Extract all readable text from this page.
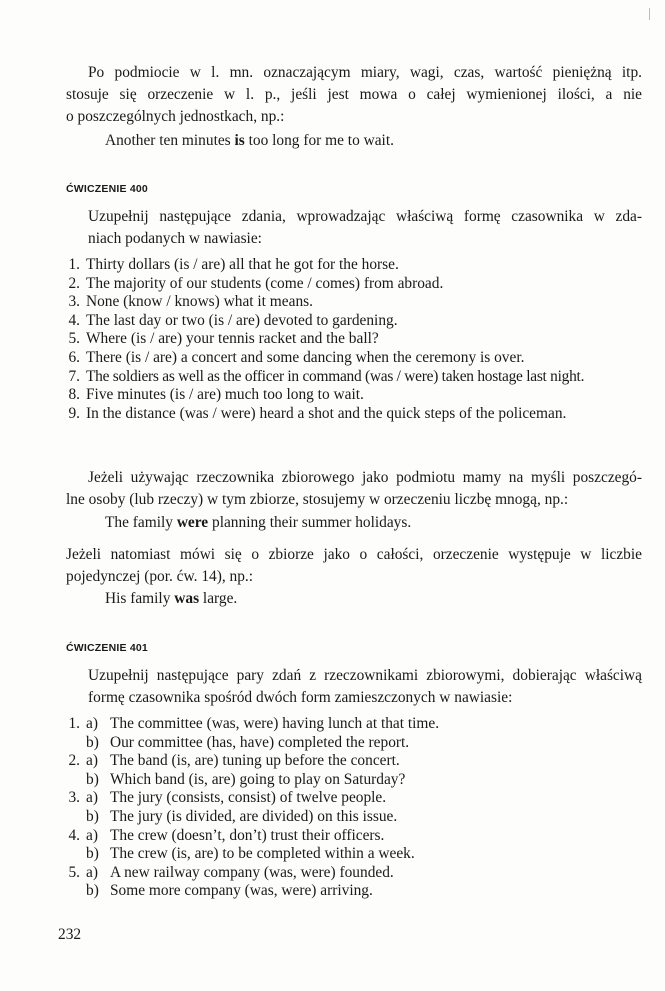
Po podmiocie w l. mn. oznaczającym miary, wagi, czas, wartość pieniężną itp.
stosuje się orzeczenie w l. p., jeśli jest mowa o całej wymienionej ilości, a nie
o poszczególnych jednostkach, np.:
Another ten minutes is too long for me to wait.
ĆWICZENIE 400
Uzupełnij następujące zdania, wprowadzając właściwą formę czasownika w zda-
niach podanych w nawiasie:
1. Thirty dollars (is / are) all that he got for the horse.
2. The majority of our students (come / comes) from abroad.
3. None (know / knows) what it means.
4. The last day or two (is / are) devoted to gardening.
5. Where (is / are) your tennis racket and the ball?
6. There (is / are) a concert and some dancing when the ceremony is over.
7. The soldiers as well as the officer in command (was / were) taken hostage last night.
8. Five minutes (is / are) much too long to wait.
9. In the distance (was / were) heard a shot and the quick steps of the policeman.
Jeżeli używając rzeczownika zbiorowego jako podmiotu mamy na myśli poszczegó-
lne osoby (lub rzeczy) w tym zbiorze, stosujemy w orzeczeniu liczbę mnogą, np.:
The family were planning their summer holidays.
Jeżeli natomiast mówi się o zbiorze jako o całości, orzeczenie występuje w liczbie
pojedynczej (por. ćw. 14), np.:
His family was large.
ĆWICZENIE 401
Uzupełnij następujące pary zdań z rzeczownikami zbiorowymi, dobierając właściwą
formę czasownika spośród dwóch form zamieszczonych w nawiasie:
1. a) The committee (was, were) having lunch at that time.
b) Our committee (has, have) completed the report.
2. a) The band (is, are) tuning up before the concert.
b) Which band (is, are) going to play on Saturday?
3. a) The jury (consists, consist) of twelve people.
b) The jury (is divided, are divided) on this issue.
4. a) The crew (doesn’t, don’t) trust their officers.
b) The crew (is, are) to be completed within a week.
5. a) A new railway company (was, were) founded.
b) Some more company (was, were) arriving.
232
